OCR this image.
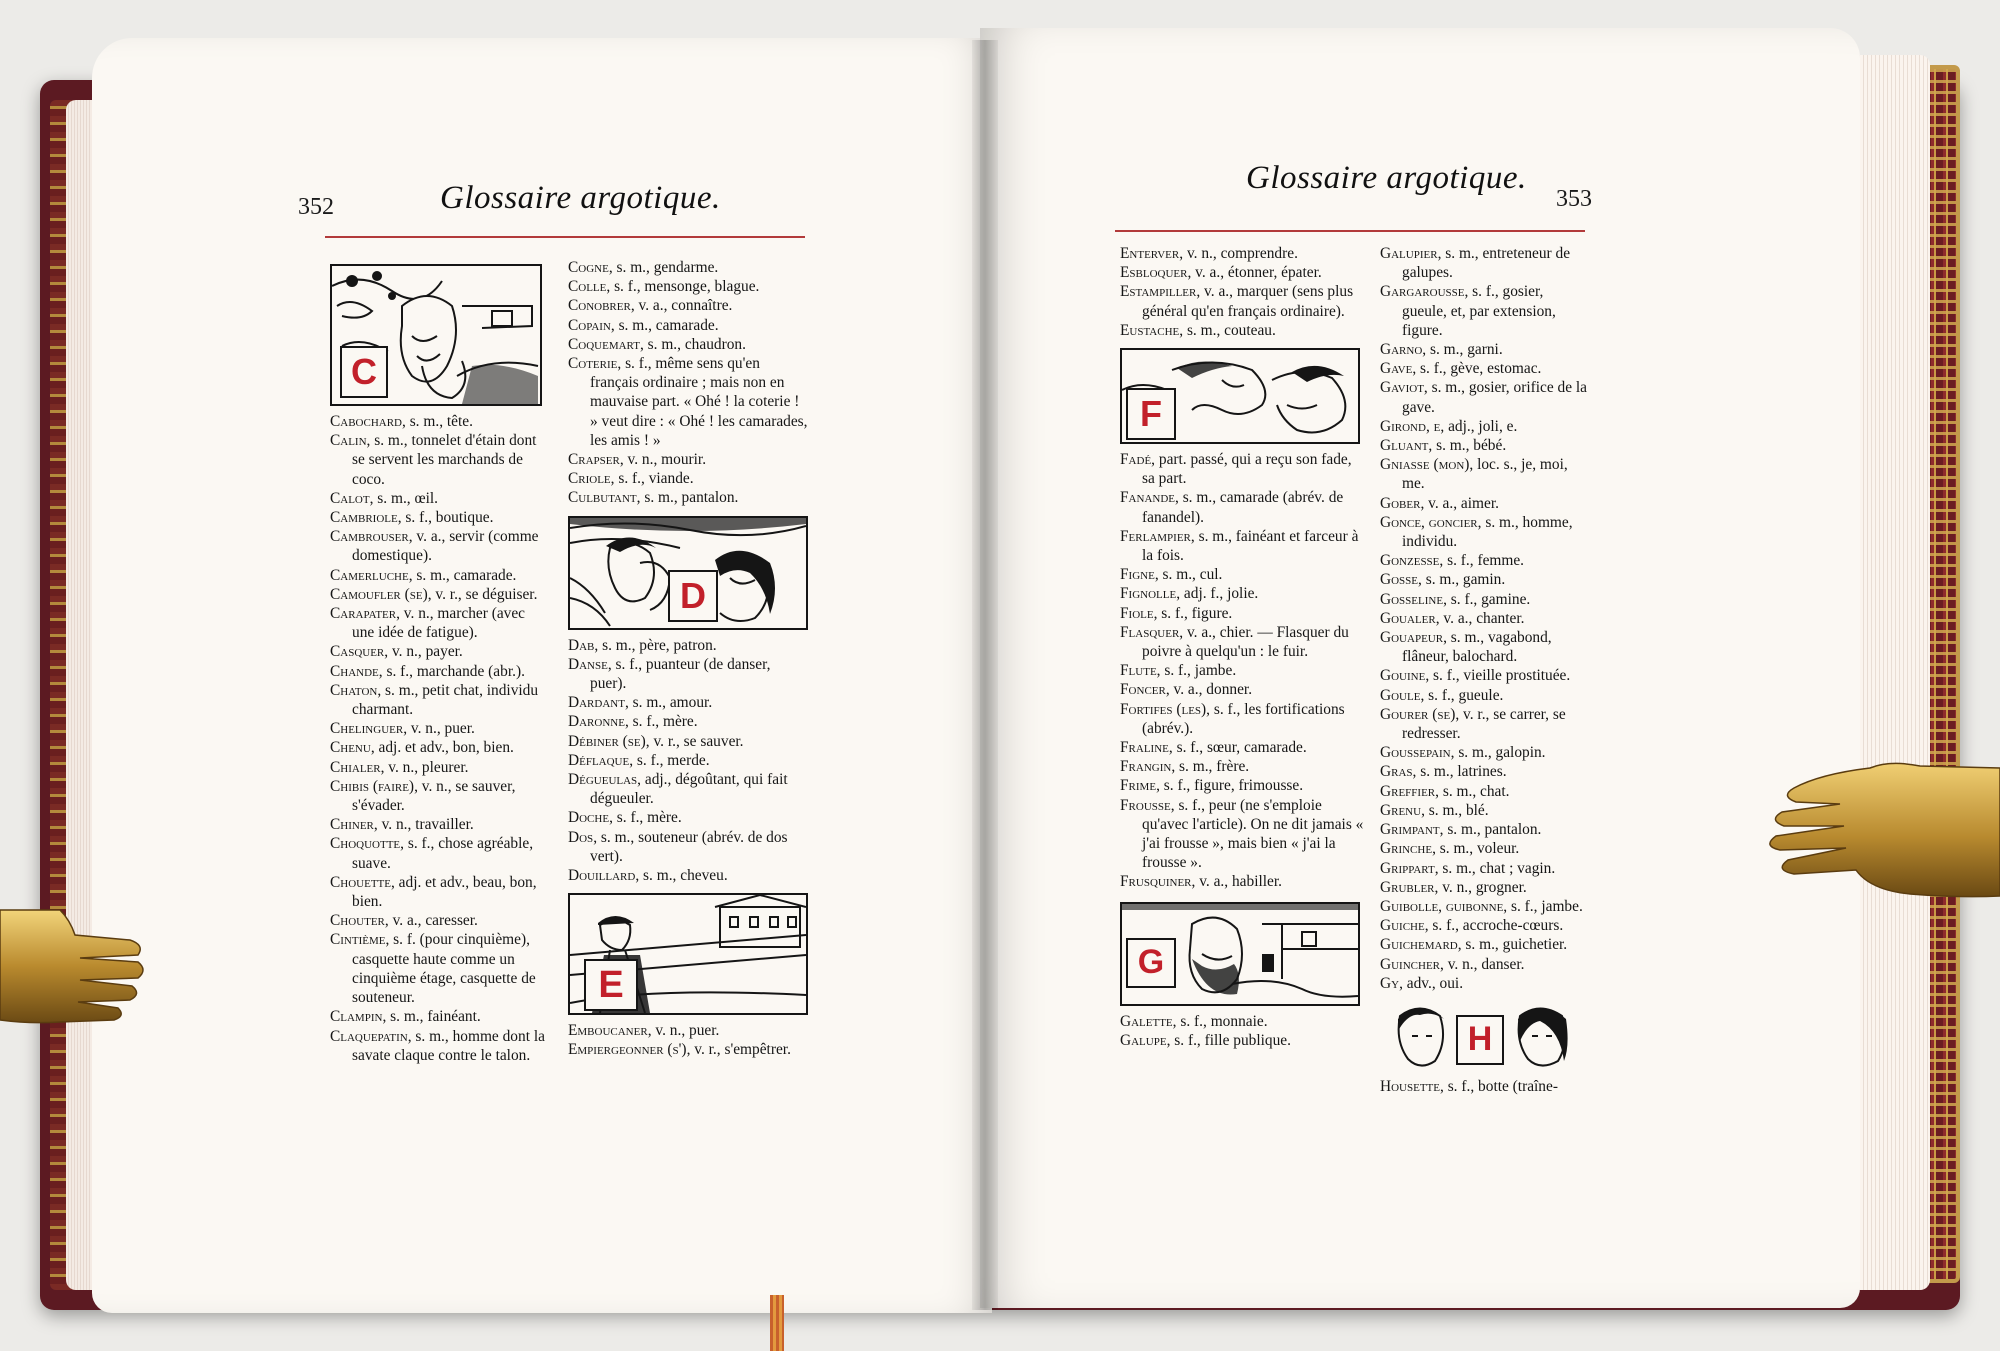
352	Glossaire argotique.
C

Cabochard, s. m., tête.

Calin, s. m., tonnelet d'étain dont se servent les marchands de coco.

Calot, s. m., œil.

Cambriole, s. f., boutique.

Cambrouser, v. a., servir (comme domestique).

Camerluche, s. m., camarade.

Camoufler (se), v. r., se déguiser.

Carapater, v. n., marcher (avec une idée de fatigue).

Casquer, v. n., payer.

Chande, s. f., marchande (abr.).

Chaton, s. m., petit chat, individu charmant.

Chelinguer, v. n., puer.

Chenu, adj. et adv., bon, bien.

Chialer, v. n., pleurer.

Chibis (faire), v. n., se sauver, s'évader.

Chiner, v. n., travailler.

Choquotte, s. f., chose agréable, suave.

Chouette, adj. et adv., beau, bon, bien.

Chouter, v. a., caresser.

Cintième, s. f. (pour cinquième), casquette haute comme un cinquième étage, casquette de souteneur.

Clampin, s. m., fainéant.

Claquepatin, s. m., homme dont la savate claque contre le talon.

Cogne, s. m., gendarme.

Colle, s. f., mensonge, blague.

Conobrer, v. a., connaître.

Copain, s. m., camarade.

Coquemart, s. m., chaudron.

Coterie, s. f., même sens qu'en français ordinaire ; mais non en mauvaise part. « Ohé ! la coterie ! » veut dire : « Ohé ! les camarades, les amis ! »

Crapser, v. n., mourir.

Criole, s. f., viande.

Culbutant, s. m., pantalon.

D

Dab, s. m., père, patron.

Danse, s. f., puanteur (de danser, puer).

Dardant, s. m., amour.

Daronne, s. f., mère.

Débiner (se), v. r., se sauver.

Déflaque, s. f., merde.

Dégueulas, adj., dégoûtant, qui fait dégueuler.

Doche, s. f., mère.

Dos, s. m., souteneur (abrév. de dos vert).

Douillard, s. m., cheveu.

E

Emboucaner, v. n., puer.

Empiergeonner (s'), v. r., s'empêtrer.

Glossaire argotique.
353

Enterver, v. n., comprendre.

Esbloquer, v. a., étonner, épater.

Estampiller, v. a., marquer (sens plus général qu'en français ordinaire).

Eustache, s. m., couteau.

F

Fadé, part. passé, qui a reçu son fade, sa part.

Fanande, s. m., camarade (abrév. de fanandel).

Ferlampier, s. m., fainéant et farceur à la fois.

Figne, s. m., cul.

Fignolle, adj. f., jolie.

Fiole, s. f., figure.

Flasquer, v. a., chier. — Flasquer du poivre à quelqu'un : le fuir.

Flute, s. f., jambe.

Foncer, v. a., donner.

Fortifes (les), s. f., les fortifications (abrév.).

Fraline, s. f., sœur, camarade.

Frangin, s. m., frère.

Frime, s. f., figure, frimousse.

Frousse, s. f., peur (ne s'emploie qu'avec l'article). On ne dit jamais « j'ai frousse », mais bien « j'ai la frousse ».

Frusquiner, v. a., habiller.

G

Galette, s. f., monnaie.

Galupe, s. f., fille publique.

Galupier, s. m., entreteneur de galupes.

Gargarousse, s. f., gosier, gueule, et, par extension, figure.

Garno, s. m., garni.

Gave, s. f., gève, estomac.

Gaviot, s. m., gosier, orifice de la gave.

Girond, e, adj., joli, e.

Gluant, s. m., bébé.

Gniasse (mon), loc. s., je, moi, me.

Gober, v. a., aimer.

Gonce, goncier, s. m., homme, individu.

Gonzesse, s. f., femme.

Gosse, s. m., gamin.

Gosseline, s. f., gamine.

Goualer, v. a., chanter.

Gouapeur, s. m., vagabond, flâneur, balochard.

Gouine, s. f., vieille prostituée.

Goule, s. f., gueule.

Gourer (se), v. r., se carrer, se redresser.

Goussepain, s. m., galopin.

Gras, s. m., latrines.

Greffier, s. m., chat.

Grenu, s. m., blé.

Grimpant, s. m., pantalon.

Grinche, s. m., voleur.

Grippart, s. m., chat ; vagin.

Grubler, v. n., grogner.

Guibolle, guibonne, s. f., jambe.

Guiche, s. f., accroche-cœurs.

Guichemard, s. m., guichetier.

Guincher, v. n., danser.

Gy, adv., oui.

H

Housette, s. f., botte (traîne-
